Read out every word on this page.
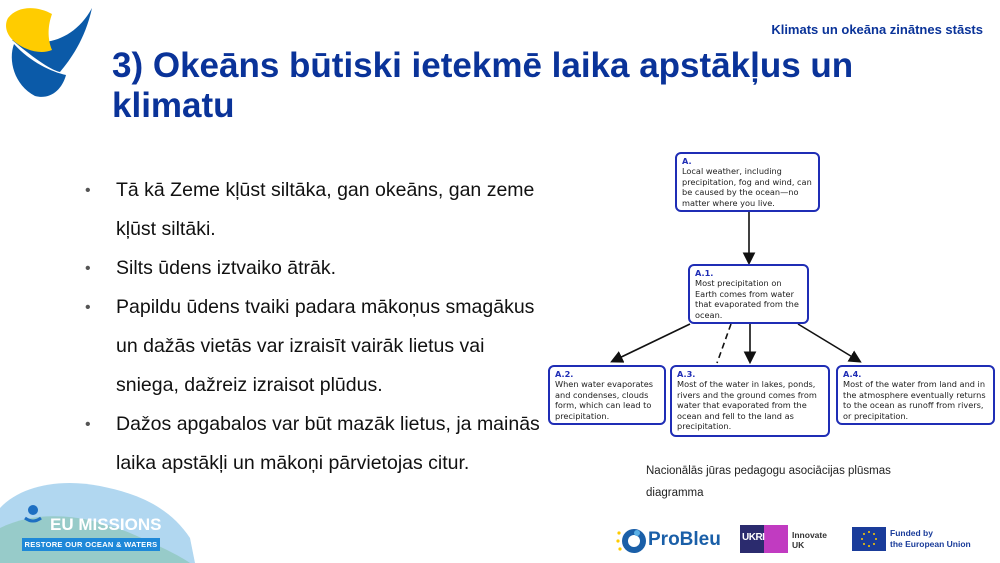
Klimats un okeāna zinātnes stāsts
3) Okeāns būtiski ietekmē laika apstākļus un klimatu
• Tā kā Zeme kļūst siltāka, gan okeāns, gan zeme kļūst siltāki.
• Silts ūdens iztvaiko ātrāk.
• Papildu ūdens tvaiki padara mākoņus smagākus un dažās vietās var izraisīt vairāk lietus vai sniega, dažreiz izraisot plūdus.
• Dažos apgabalos var būt mazāk lietus, ja mainās laika apstākļi un mākoņi pārvietojas citur.
A.
Local weather, including precipitation, fog and wind, can be caused by the ocean—no matter where you live.
A.1.
Most precipitation on Earth comes from water that evaporated from the ocean.
A.2.
When water evaporates and condenses, clouds form, which can lead to precipitation.
A.3.
Most of the water in lakes, ponds, rivers and the ground comes from water that evaporated from the ocean and fell to the land as precipitation.
A.4.
Most of the water from land and in the atmosphere eventually returns to the ocean as runoff from rivers, or precipitation.
Nacionālās jūras pedagogu asociācijas plūsmas diagramma
EU MISSIONS
RESTORE OUR OCEAN & WATERS	ProBleu UKRI	Innovate
UK
Funded by
the European Union
